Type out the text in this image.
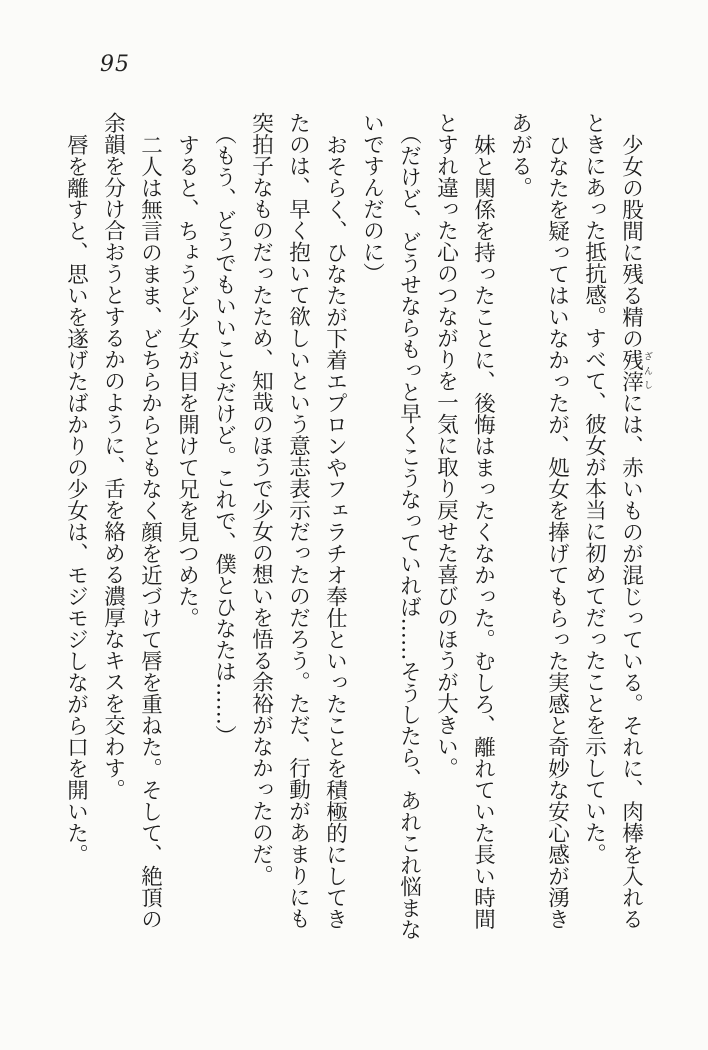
95

少女の股間に残る精の残滓ざんしには、赤いものが混じっている。それに、肉棒を入れるときにあった抵抗感。すべて、彼女が本当に初めてだったことを示していた。

ひなたを疑ってはいなかったが、処女を捧げてもらった実感と奇妙な安心感が湧きあがる。

妹と関係を持ったことに、後悔はまったくなかった。むしろ、離れていた長い時間とすれ違った心のつながりを一気に取り戻せた喜びのほうが大きい。

（だけど、どうせならもっと早くこうなっていれば……そうしたら、あれこれ悩まないですんだのに）

おそらく、ひなたが下着エプロンやフェラチオ奉仕といったことを積極的にしてきたのは、早く抱いて欲しいという意志表示だったのだろう。ただ、行動があまりにも突拍子なものだったため、知哉のほうで少女の想いを悟る余裕がなかったのだ。

（もう、どうでもいいことだけど。これで、僕とひなたは……）

すると、ちょうど少女が目を開けて兄を見つめた。

二人は無言のまま、どちらからともなく顔を近づけて唇を重ねた。そして、絶頂の余韻を分け合おうとするかのように、舌を絡める濃厚なキスを交わす。

唇を離すと、思いを遂げたばかりの少女は、モジモジしながら口を開いた。
